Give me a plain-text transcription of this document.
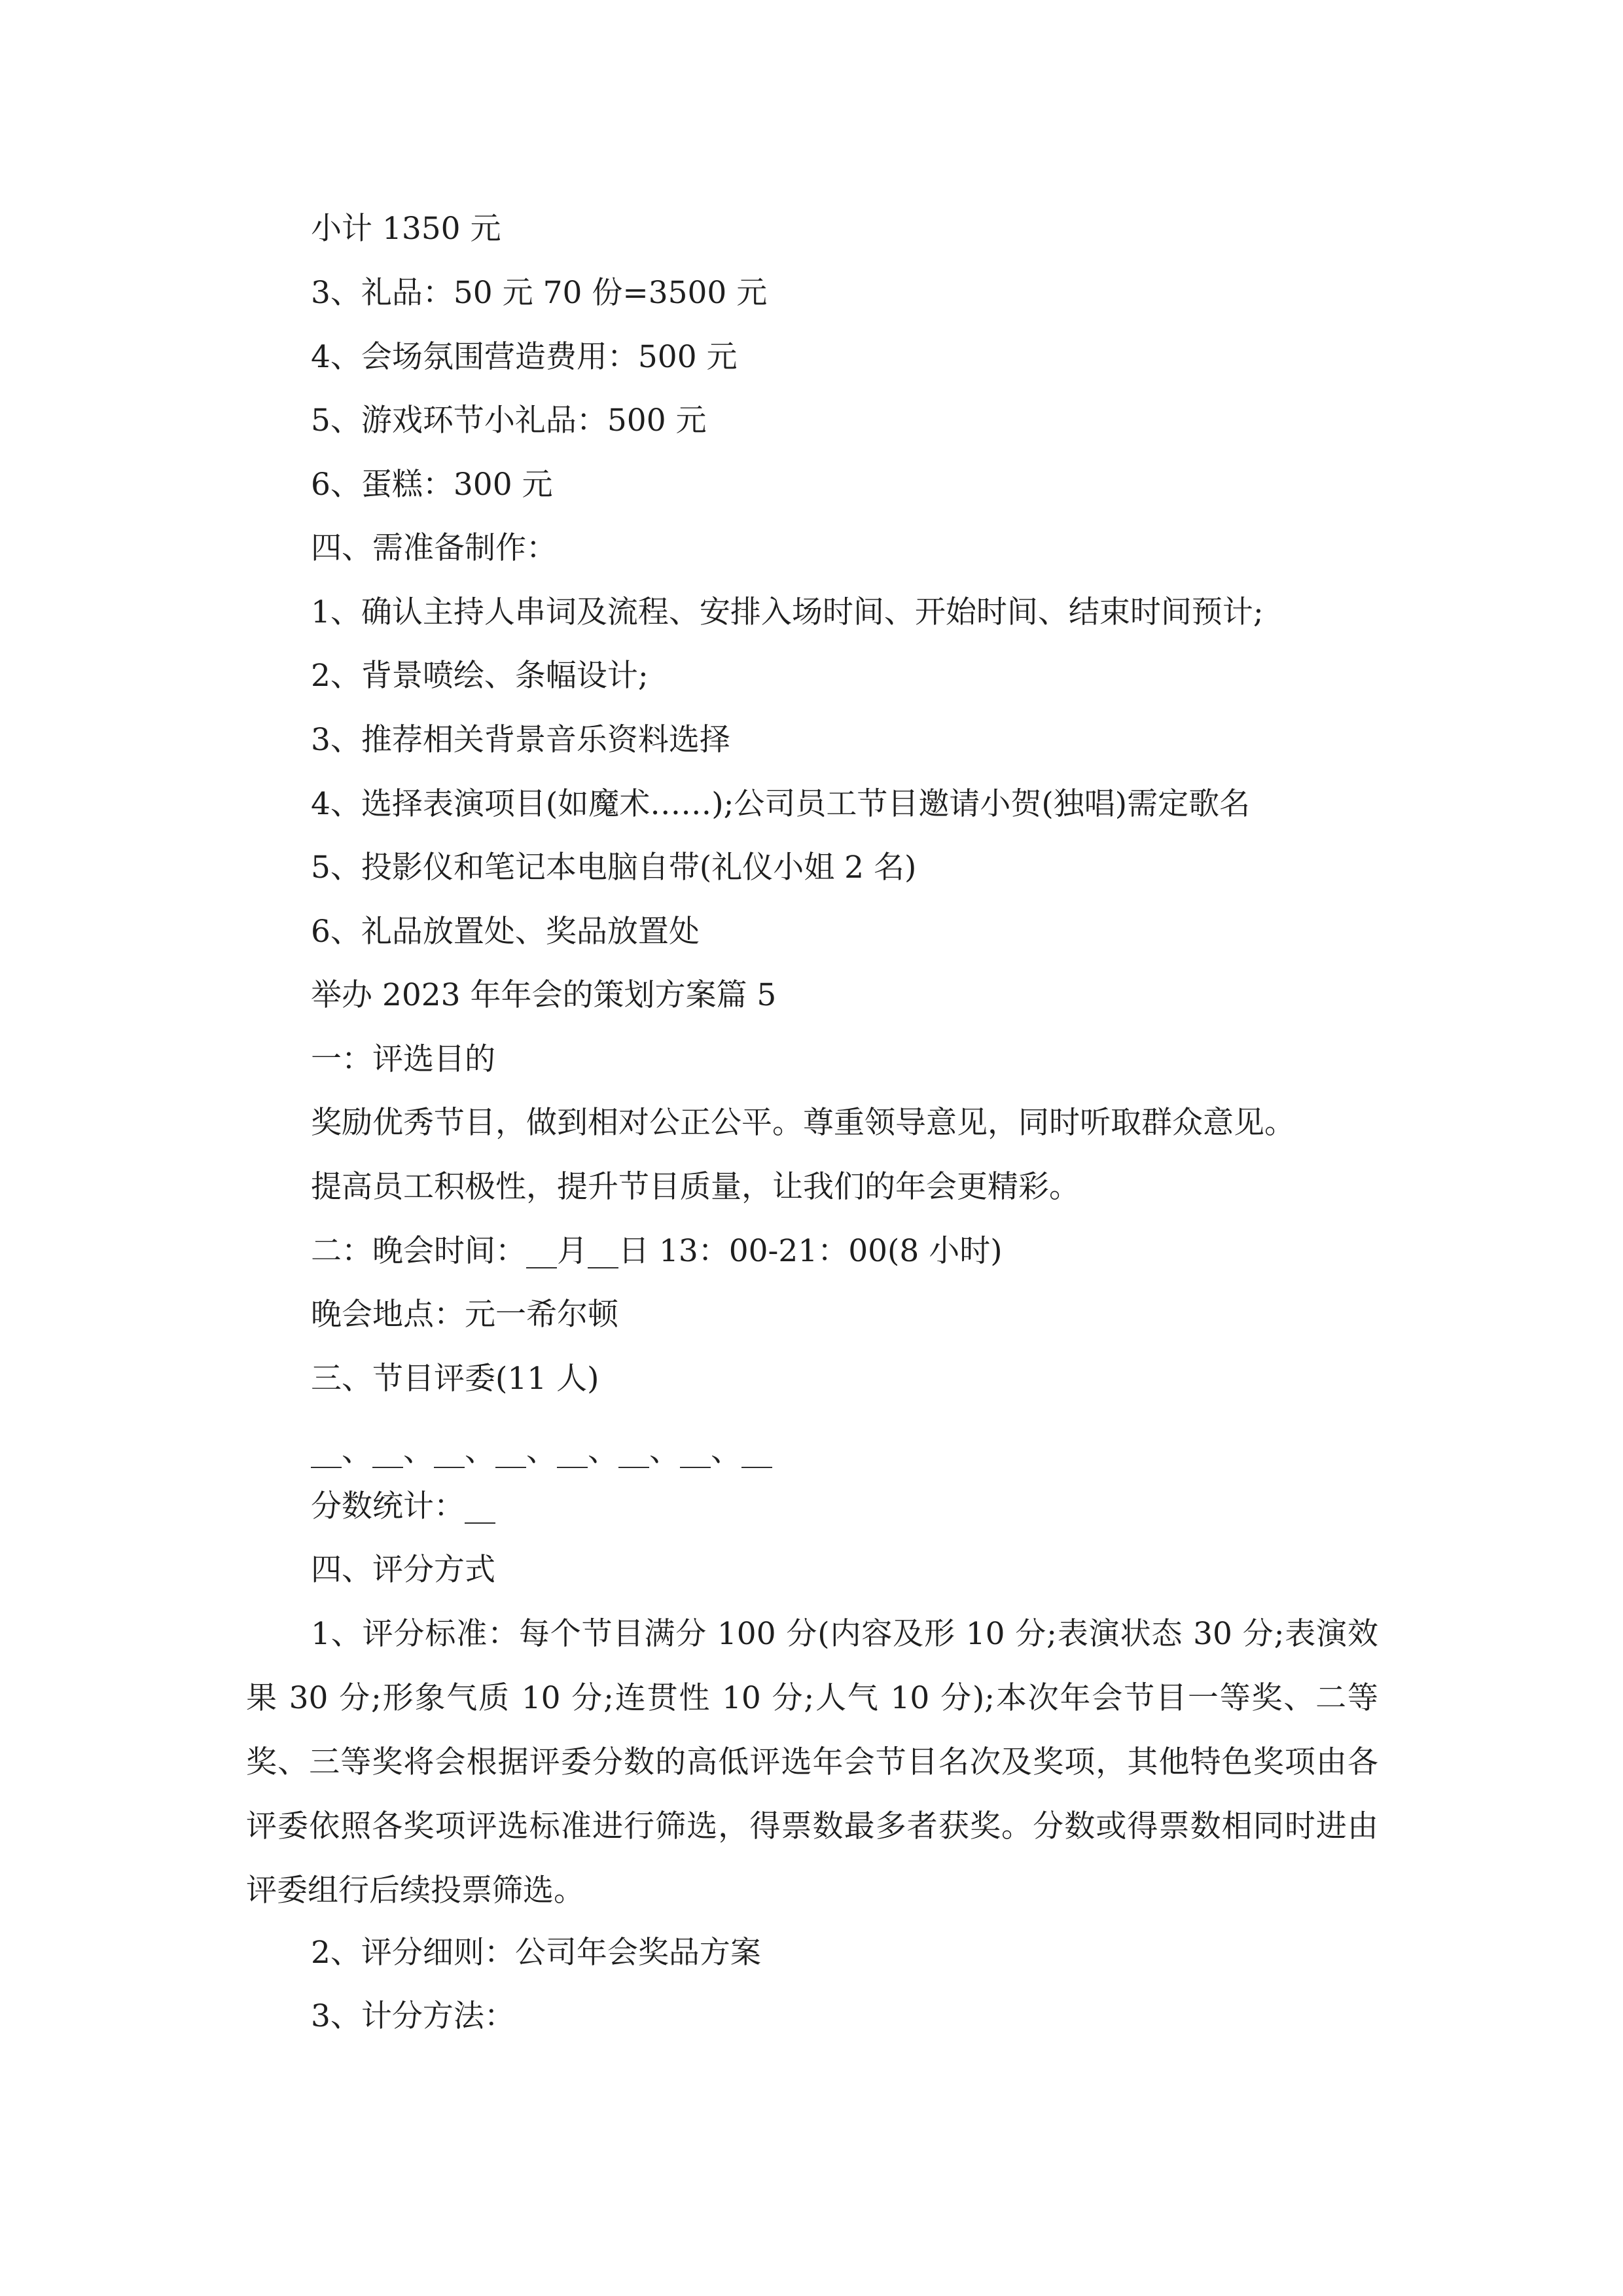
小计 1350 元

3、礼品：50 元 70 份=3500 元

4、会场氛围营造费用：500 元

5、游戏环节小礼品：500 元

6、蛋糕：300 元

四、需准备制作：

1、确认主持人串词及流程、安排入场时间、开始时间、结束时间预计;

2、背景喷绘、条幅设计;

3、推荐相关背景音乐资料选择

4、选择表演项目(如魔术……);公司员工节目邀请小贺(独唱)需定歌名

5、投影仪和笔记本电脑自带(礼仪小姐 2 名)

6、礼品放置处、奖品放置处

举办 2023 年年会的策划方案篇 5

一：评选目的

奖励优秀节目，做到相对公正公平。尊重领导意见，同时听取群众意见。

提高员工积极性，提升节目质量，让我们的年会更精彩。

二：晚会时间：__月__日 13：00-21：00(8 小时)

晚会地点：元一希尔顿

三、节目评委(11 人)

__、__、__、__、__、__、__、__

分数统计：__

四、评分方式

1、评分标准：每个节目满分 100 分(内容及形 10 分;表演状态 30 分;表演效果 30 分;形象气质 10 分;连贯性 10 分;人气 10 分);本次年会节目一等奖、二等奖、三等奖将会根据评委分数的高低评选年会节目名次及奖项，其他特色奖项由各评委依照各奖项评选标准进行筛选，得票数最多者获奖。分数或得票数相同时进由评委组行后续投票筛选。

2、评分细则：公司年会奖品方案

3、计分方法：
